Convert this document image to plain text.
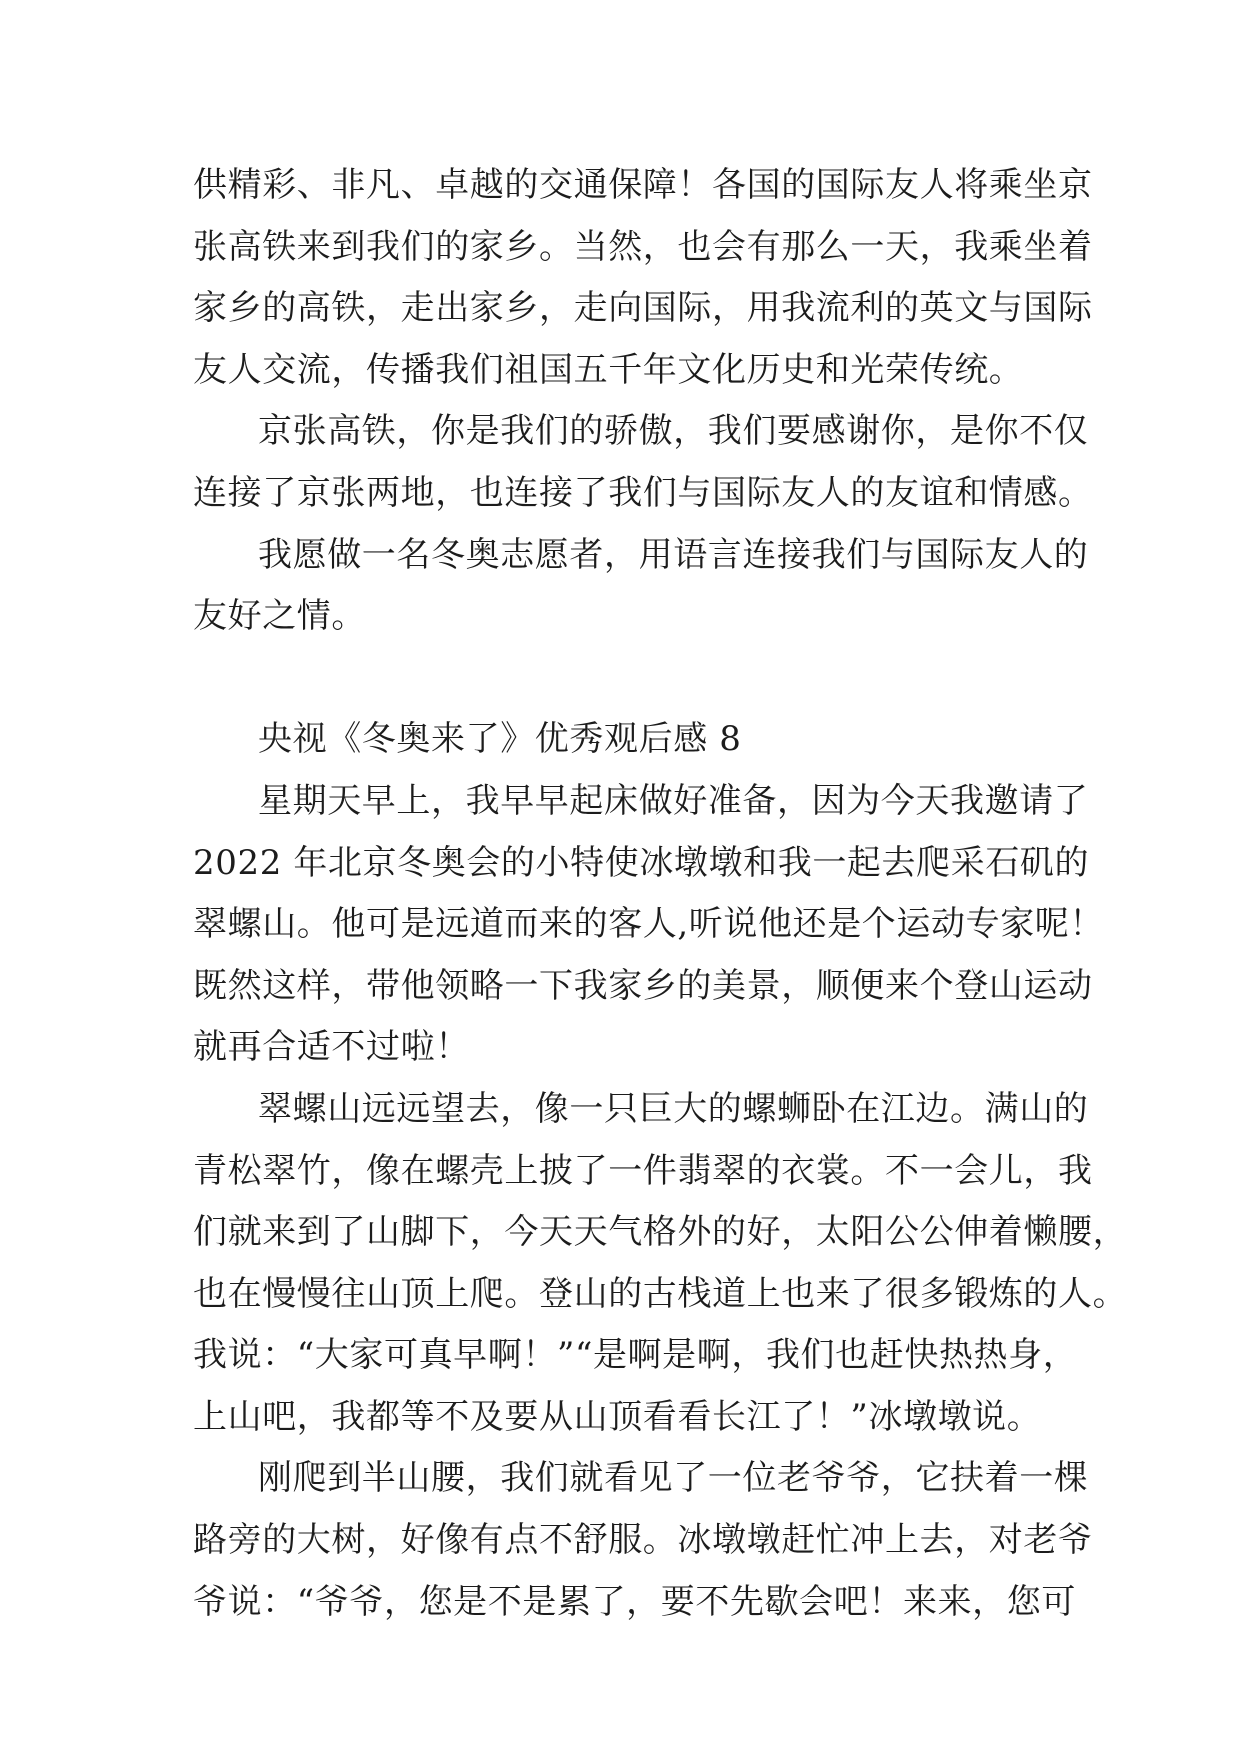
供精彩、非凡、卓越的交通保障！各国的国际友人将乘坐京
张高铁来到我们的家乡。当然，也会有那么一天，我乘坐着
家乡的高铁，走出家乡，走向国际，用我流利的英文与国际
友人交流，传播我们祖国五千年文化历史和光荣传统。
京张高铁，你是我们的骄傲，我们要感谢你，是你不仅
连接了京张两地，也连接了我们与国际友人的友谊和情感。
我愿做一名冬奥志愿者，用语言连接我们与国际友人的
友好之情。
央视《冬奥来了》优秀观后感 8
星期天早上，我早早起床做好准备，因为今天我邀请了
2022 年北京冬奥会的小特使冰墩墩和我一起去爬采石矶的
翠螺山。他可是远道而来的客人,听说他还是个运动专家呢！
既然这样，带他领略一下我家乡的美景，顺便来个登山运动
就再合适不过啦！
翠螺山远远望去，像一只巨大的螺蛳卧在江边。满山的
青松翠竹，像在螺壳上披了一件翡翠的衣裳。不一会儿，我
们就来到了山脚下，今天天气格外的好，太阳公公伸着懒腰，
也在慢慢往山顶上爬。登山的古栈道上也来了很多锻炼的人。
我说：“大家可真早啊！”“是啊是啊，我们也赶快热热身，
上山吧，我都等不及要从山顶看看长江了！”冰墩墩说。
刚爬到半山腰，我们就看见了一位老爷爷，它扶着一棵
路旁的大树，好像有点不舒服。冰墩墩赶忙冲上去，对老爷
爷说：“爷爷，您是不是累了，要不先歇会吧！来来，您可
